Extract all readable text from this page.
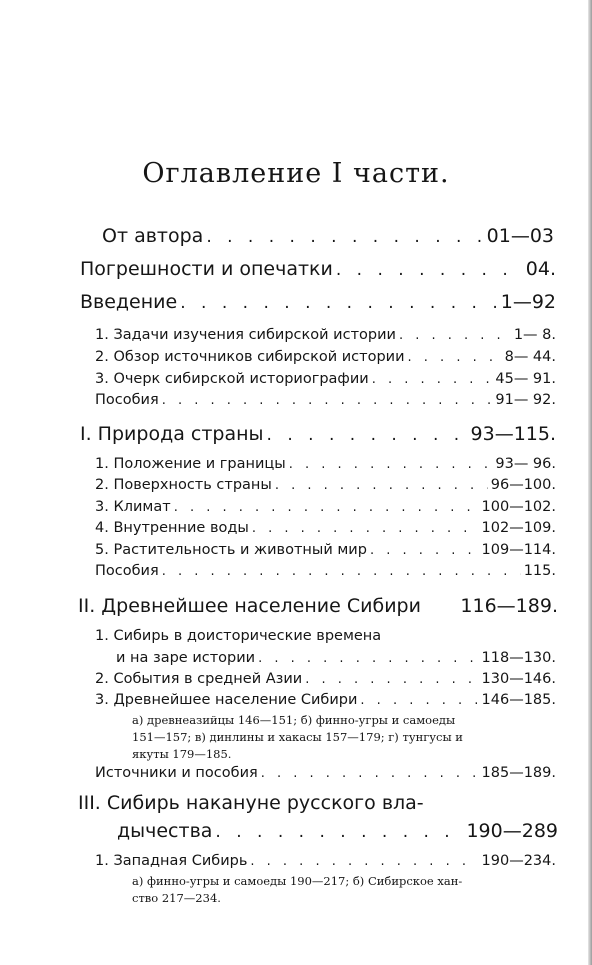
Оглавление I части.
От автора . . .	01—03
Погрешности и опечатки . . .	04.
Введение . . .	1—92
1. Задачи изучения сибирской истории . . .	1— 8.
2. Обзор источников сибирской истории . . .	8— 44.
3. Очерк сибирской историографии . . .	45— 91.
Пособия . . .	91— 92.
I. Природа страны . . .	93—115.
1. Положение и границы . . .	93— 96.
2. Поверхность страны . . .	96—100.
3. Климат . . .	100—102.
4. Внутренние воды . . .	102—109.
5. Растительность и животный мир . . .	109—114.
Пособия . . .	115.
II. Древнейшее население Сибири 116—189.
1. Сибирь в доисторические времена
и на заре истории . . .	118—130.
2. События в средней Азии . . .	130—146.
3. Древнейшее население Сибири . . .	146—185.
а) древнеазийцы 146—151; б) финно-угры и самоеды
151—157; в) динлины и хакасы 157—179; г) тунгусы и
якуты 179—185.
Источники и пособия . . .	185—189.
III. Сибирь накануне русского вла-
дычества . . .	190—289
1. Западная Сибирь . . .	190—234.
а) финно-угры и самоеды 190—217; б) Сибирское хан-
ство 217—234.
